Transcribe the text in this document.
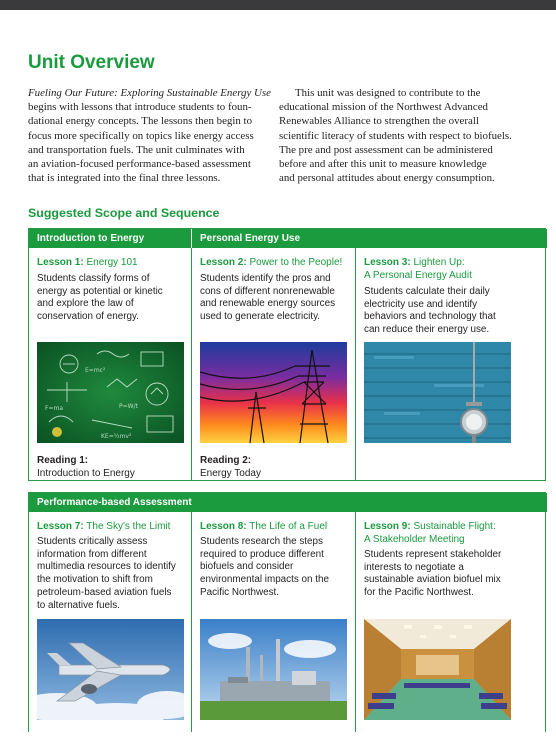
Unit Overview
Fueling Our Future: Exploring Sustainable Energy Use
begins with lessons that introduce students to foun-
dational energy concepts. The lessons then begin to
focus more specifically on topics like energy access
and transportation fuels. The unit culminates with
an aviation-focused performance-based assessment
that is integrated into the final three lessons.
This unit was designed to contribute to the
educational mission of the Northwest Advanced
Renewables Alliance to strengthen the overall
scientific literacy of students with respect to biofuels.
The pre and post assessment can be administered
before and after this unit to measure knowledge
and personal attitudes about energy consumption.
Suggested Scope and Sequence
Introduction to Energy	Personal Energy Use
Lesson 1: Energy 101
Students classify forms of
energy as potential or kinetic
and explore the law of
conservation of energy.
E=mc²
F=ma	P=W/t
KE=½mv²
Reading 1:
Introduction to Energy
Lesson 2: Power to the People!
Students identify the pros and
cons of different nonrenewable
and renewable energy sources
used to generate electricity.
Reading 2:
Energy Today
Lesson 3: Lighten Up:
A Personal Energy Audit
Students calculate their daily
electricity use and identify
behaviors and technology that
can reduce their energy use.
Performance-based Assessment
Lesson 7: The Sky's the Limit
Students critically assess
information from different
multimedia resources to identify
the motivation to shift from
petroleum-based aviation fuels
to alternative fuels.
Lesson 8: The Life of a Fuel
Students research the steps
required to produce different
biofuels and consider
environmental impacts on the
Pacific Northwest.
Lesson 9: Sustainable Flight:
A Stakeholder Meeting
Students represent stakeholder
interests to negotiate a
sustainable aviation biofuel mix
for the Pacific Northwest.
